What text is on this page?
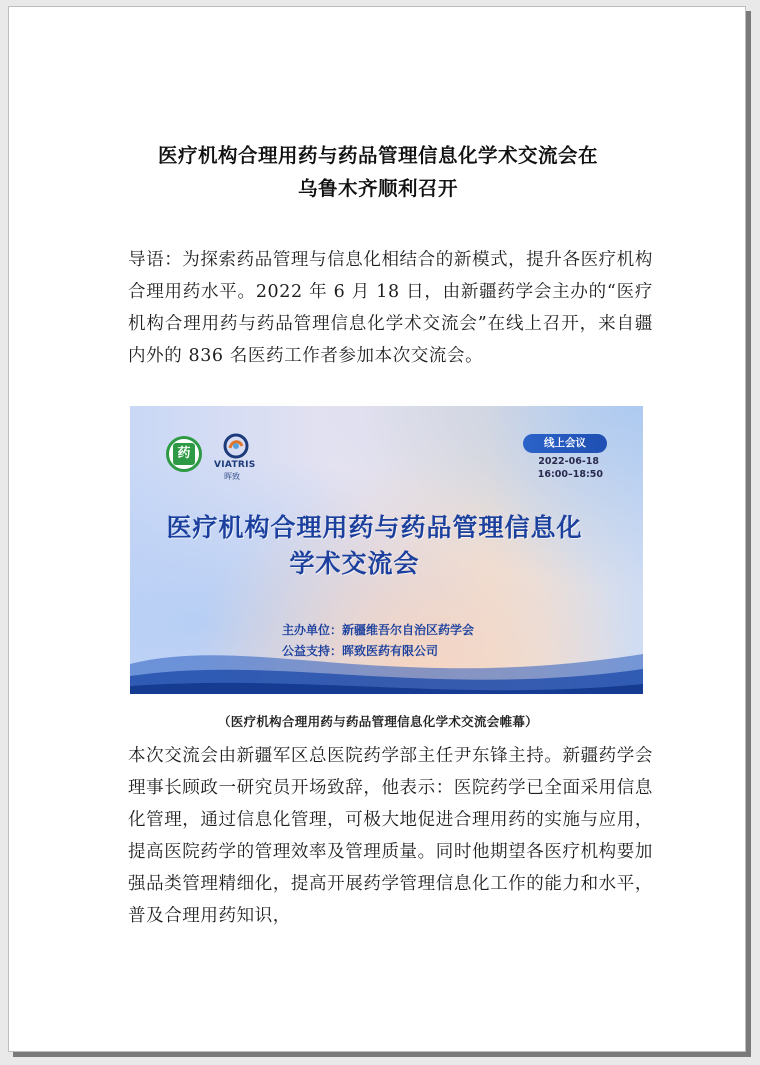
医疗机构合理用药与药品管理信息化学术交流会在
乌鲁木齐顺利召开

导语：为探索药品管理与信息化相结合的新模式，提升各医疗机构合理用药水平。2022 年 6 月 18 日，由新疆药学会主办的“医疗机构合理用药与药品管理信息化学术交流会”在线上召开，来自疆内外的 836 名医药工作者参加本次交流会。

药
VIATRIS
晖致
线上会议
2022-06-18
16:00–18:50
医疗机构合理用药与药品管理信息化
学术交流会
主办单位：新疆维吾尔自治区药学会
公益支持：晖致医药有限公司
（医疗机构合理用药与药品管理信息化学术交流会帷幕）

本次交流会由新疆军区总医院药学部主任尹东锋主持。新疆药学会理事长顾政一研究员开场致辞，他表示：医院药学已全面采用信息化管理，通过信息化管理，可极大地促进合理用药的实施与应用，提高医院药学的管理效率及管理质量。同时他期望各医疗机构要加强品类管理精细化，提高开展药学管理信息化工作的能力和水平，普及合理用药知识，
